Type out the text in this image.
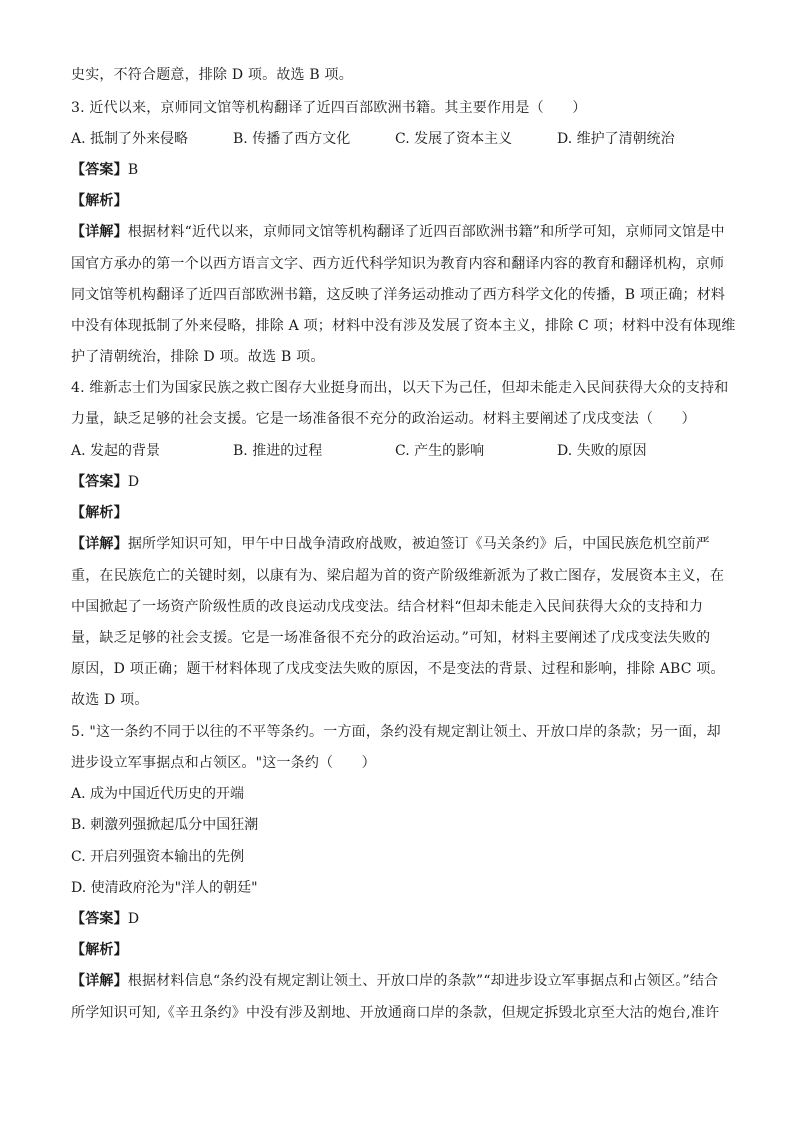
史实，不符合题意，排除 D 项。故选 B 项。
3. 近代以来，京师同文馆等机构翻译了近四百部欧洲书籍。其主要作用是（　　）
A. 抵制了外来侵略	B. 传播了西方文化	C. 发展了资本主义	D. 维护了清朝统治
【答案】B
【解析】
【详解】根据材料“近代以来，京师同文馆等机构翻译了近四百部欧洲书籍”和所学可知，京师同文馆是中
国官方承办的第一个以西方语言文字、西方近代科学知识为教育内容和翻译内容的教育和翻译机构，京师
同文馆等机构翻译了近四百部欧洲书籍，这反映了洋务运动推动了西方科学文化的传播，B 项正确；材料
中没有体现抵制了外来侵略，排除 A 项；材料中没有涉及发展了资本主义，排除 C 项；材料中没有体现维
护了清朝统治，排除 D 项。故选 B 项。
4. 维新志士们为国家民族之救亡图存大业挺身而出，以天下为己任，但却未能走入民间获得大众的支持和
力量，缺乏足够的社会支援。它是一场准备很不充分的政治运动。材料主要阐述了戊戌变法（　　）
A. 发起的背景	B. 推进的过程	C. 产生的影响	D. 失败的原因
【答案】D
【解析】
【详解】据所学知识可知，甲午中日战争清政府战败，被迫签订《马关条约》后，中国民族危机空前严
重，在民族危亡的关键时刻，以康有为、梁启超为首的资产阶级维新派为了救亡图存，发展资本主义，在
中国掀起了一场资产阶级性质的改良运动戊戌变法。结合材料“但却未能走入民间获得大众的支持和力
量，缺乏足够的社会支援。它是一场准备很不充分的政治运动。”可知，材料主要阐述了戊戌变法失败的
原因，D 项正确；题干材料体现了戊戌变法失败的原因，不是变法的背景、过程和影响，排除 ABC 项。
故选 D 项。
5. "这一条约不同于以往的不平等条约。一方面，条约没有规定割让领土、开放口岸的条款；另一面，却
进步设立军事据点和占领区。"这一条约（　　）
A. 成为中国近代历史的开端
B. 刺激列强掀起瓜分中国狂潮
C. 开启列强资本输出的先例
D. 使清政府沦为"洋人的朝廷"
【答案】D
【解析】
【详解】根据材料信息“条约没有规定割让领土、开放口岸的条款”“却进步设立军事据点和占领区。”结合
所学知识可知,《辛丑条约》中没有涉及割地、开放通商口岸的条款，但规定拆毁北京至大沽的炮台,准许
